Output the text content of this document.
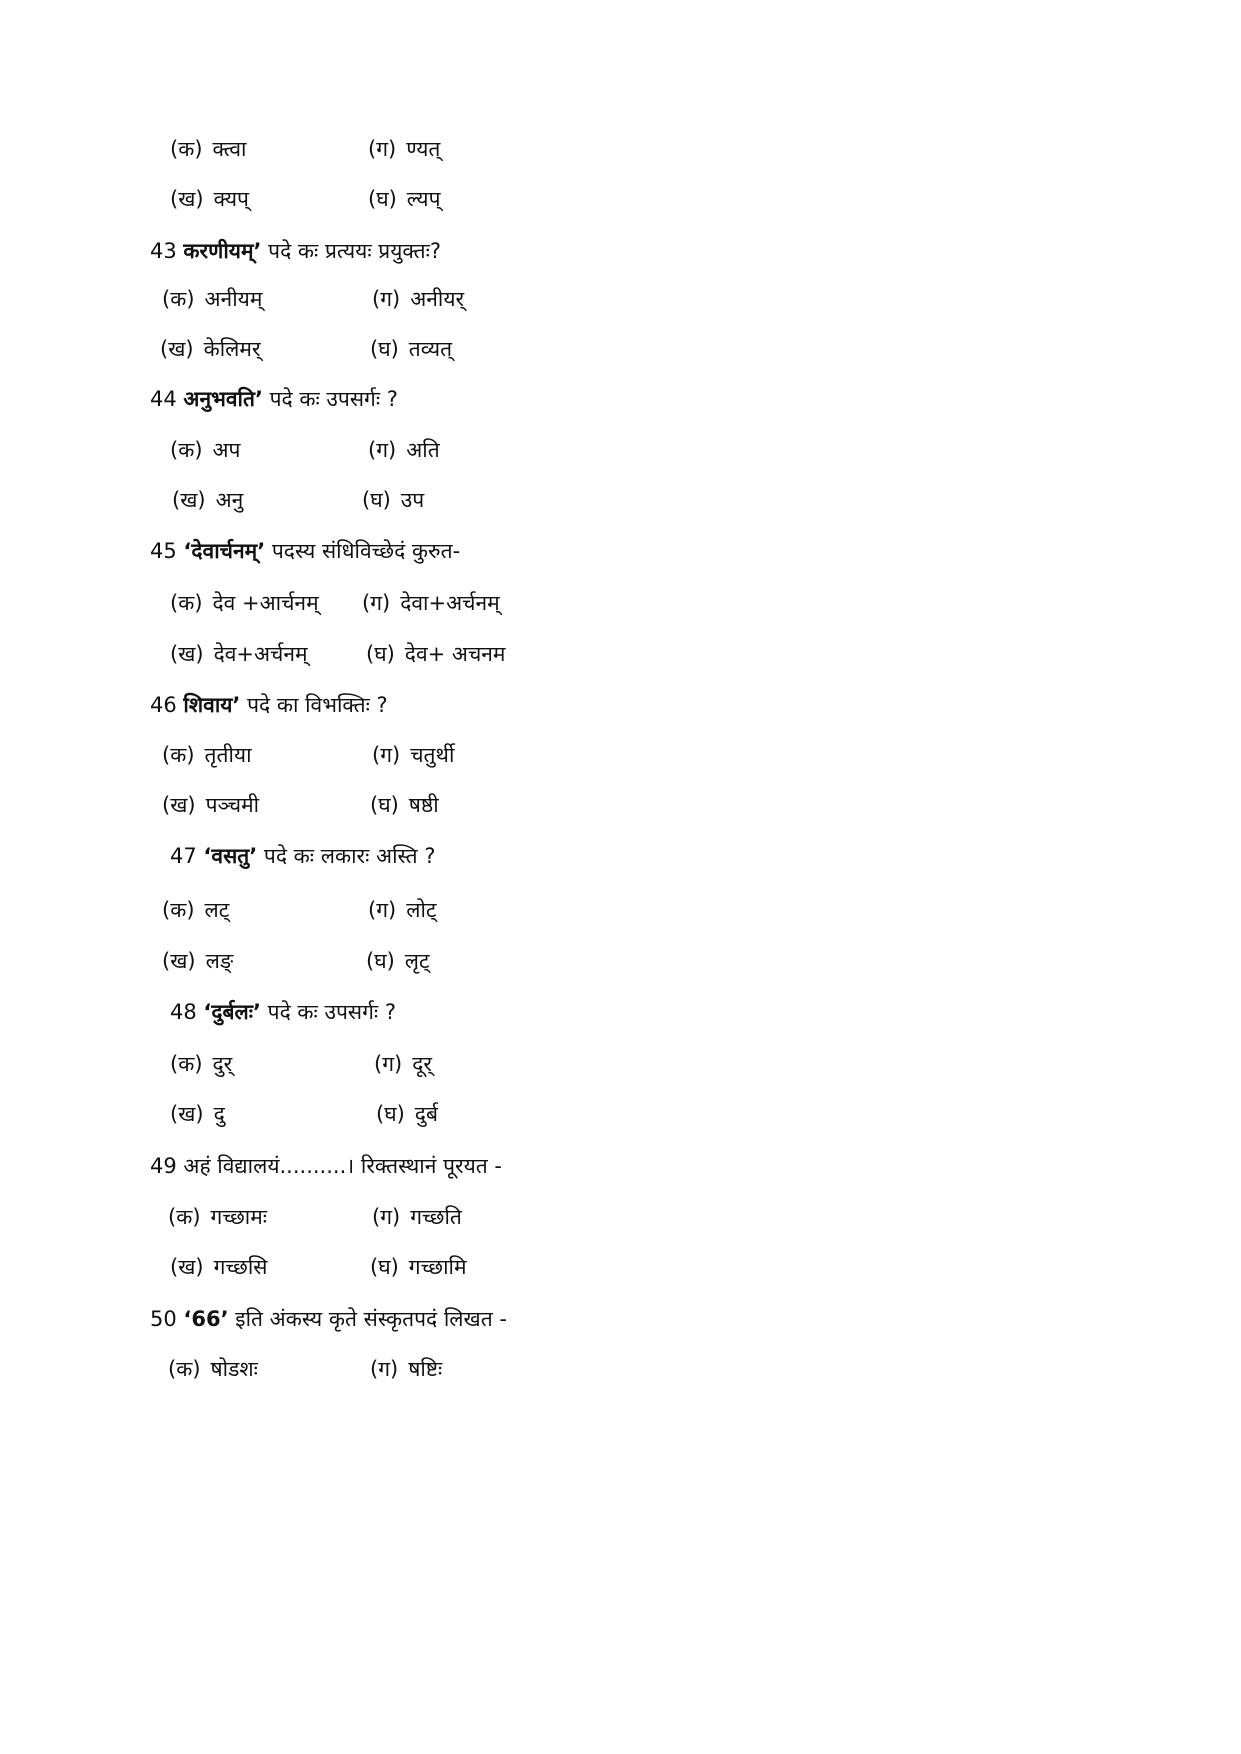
(क) क्त्वा	(ग) ण्यत्
(ख) क्यप्	(घ) ल्यप्
43 करणीयम्’ पदे कः प्रत्ययः प्रयुक्तः?
(क) अनीयम्	(ग) अनीयर्
(ख) केलिमर्	(घ) तव्यत्
44 अनुभवति’ पदे कः उपसर्गः ?
(क) अप	(ग) अति
(ख) अनु	(घ) उप
45 ‘देवार्चनम्’ पदस्य संधिविच्छेदं कुरुत-
(क) देव +आर्चनम् (ग) देवा+अर्चनम्
(ख) देव+अर्चनम्	(घ) देव+ अचनम
46 शिवाय’ पदे का विभक्तिः ?
(क) तृतीया	(ग) चतुर्थी
(ख) पञ्चमी	(घ) षष्ठी
47 ‘वसतु’ पदे कः लकारः अस्ति ?
(क) लट्	(ग) लोट्
(ख) लङ्	(घ) लृट्
48 ‘दुर्बलः’ पदे कः उपसर्गः ?
(क) दुर्	(ग) दूर्
(ख) दु	(घ) दुर्ब
49 अहं विद्यालयं..........। रिक्तस्थानं पूरयत -
(क) गच्छामः	(ग) गच्छति
(ख) गच्छसि	(घ) गच्छामि
50 ‘66’ इति अंकस्य कृते संस्कृतपदं लिखत -
(क) षोडशः	(ग) षष्टिः
